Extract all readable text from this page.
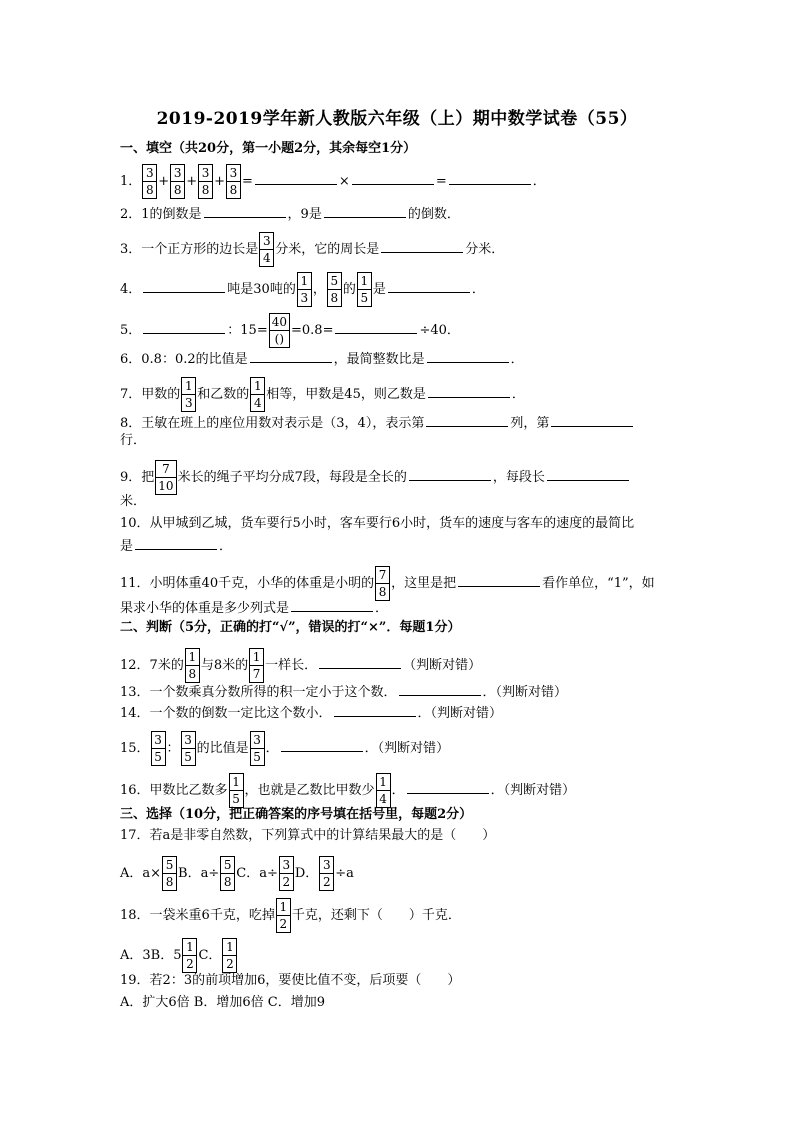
2019-2019学年新人教版六年级（上）期中数学试卷（55）
一、填空（共20分，第一小题2分，其余每空1分）
1． $\frac{3}{8} + \frac{3}{8} + \frac{3}{8} + \frac{3}{8}$ =	×	=	．
2．1的倒数是	，9是	的倒数．
3．一个正方形的边长是 $\frac{3}{4}$ 分米，它的周长是	分米．
4．	吨是30吨的 $\frac{1}{3}$ ， $\frac{5}{8}$ 的 $\frac{1}{5}$ 是	．
5．	：15=
40
()
=0.8=	÷40．
6．0.8：0.2的比值是	，最简整数比是	．
7．甲数的 $\frac{1}{3}$ 和乙数的 $\frac{1}{4}$ 相等，甲数是45，则乙数是	．
8．王敏在班上的座位用数对表示是（3，4），表示第	列，第
行．
9．把 $\frac{7}{10}$ 米长的绳子平均分成7段，每段是全长的	，每段长
米．
10．从甲城到乙城，货车要行5小时，客车要行6小时，货车的速度与客车的速度的最简比
是	．
11．小明体重40千克，小华的体重是小明的 $\frac{7}{8}$ ，这里是把	看作单位，“1”，如
果求小华的体重是多少列式是	．
二、判断（5分，正确的打“√”，错误的打“×”．每题1分）
12．7米的 $\frac{1}{8}$ 与8米的 $\frac{1}{7}$ 一样长．	（判断对错）
13．一个数乘真分数所得的积一定小于这个数．	．（判断对错）
14．一个数的倒数一定比这个数小．	．（判断对错）
15． $\frac{3}{5}$ ： $\frac{3}{5}$ 的比值是 $\frac{3}{5}$ ．	．（判断对错）
16．甲数比乙数多 $\frac{1}{5}$ ，也就是乙数比甲数少 $\frac{1}{4}$ ．	．（判断对错）
三、选择（10分，把正确答案的序号填在括号里，每题2分）
17．若a是非零自然数，下列算式中的计算结果最大的是（　　）
A．$a\times \frac{5}{8}$ B．$a\div \frac{5}{8}$ C．$a\div \frac{3}{2}$ D． $\frac{3}{2} \div a$
18．一袋米重6千克，吃掉 $\frac{1}{2}$ 千克，还剩下（　　）千克．
A．3B．$5 \frac{1}{2}$ C． $\frac{1}{2}$
19．若2：3的前项增加6，要使比值不变，后项要（　　）
A．扩大6倍 B．增加6倍 C．增加9
